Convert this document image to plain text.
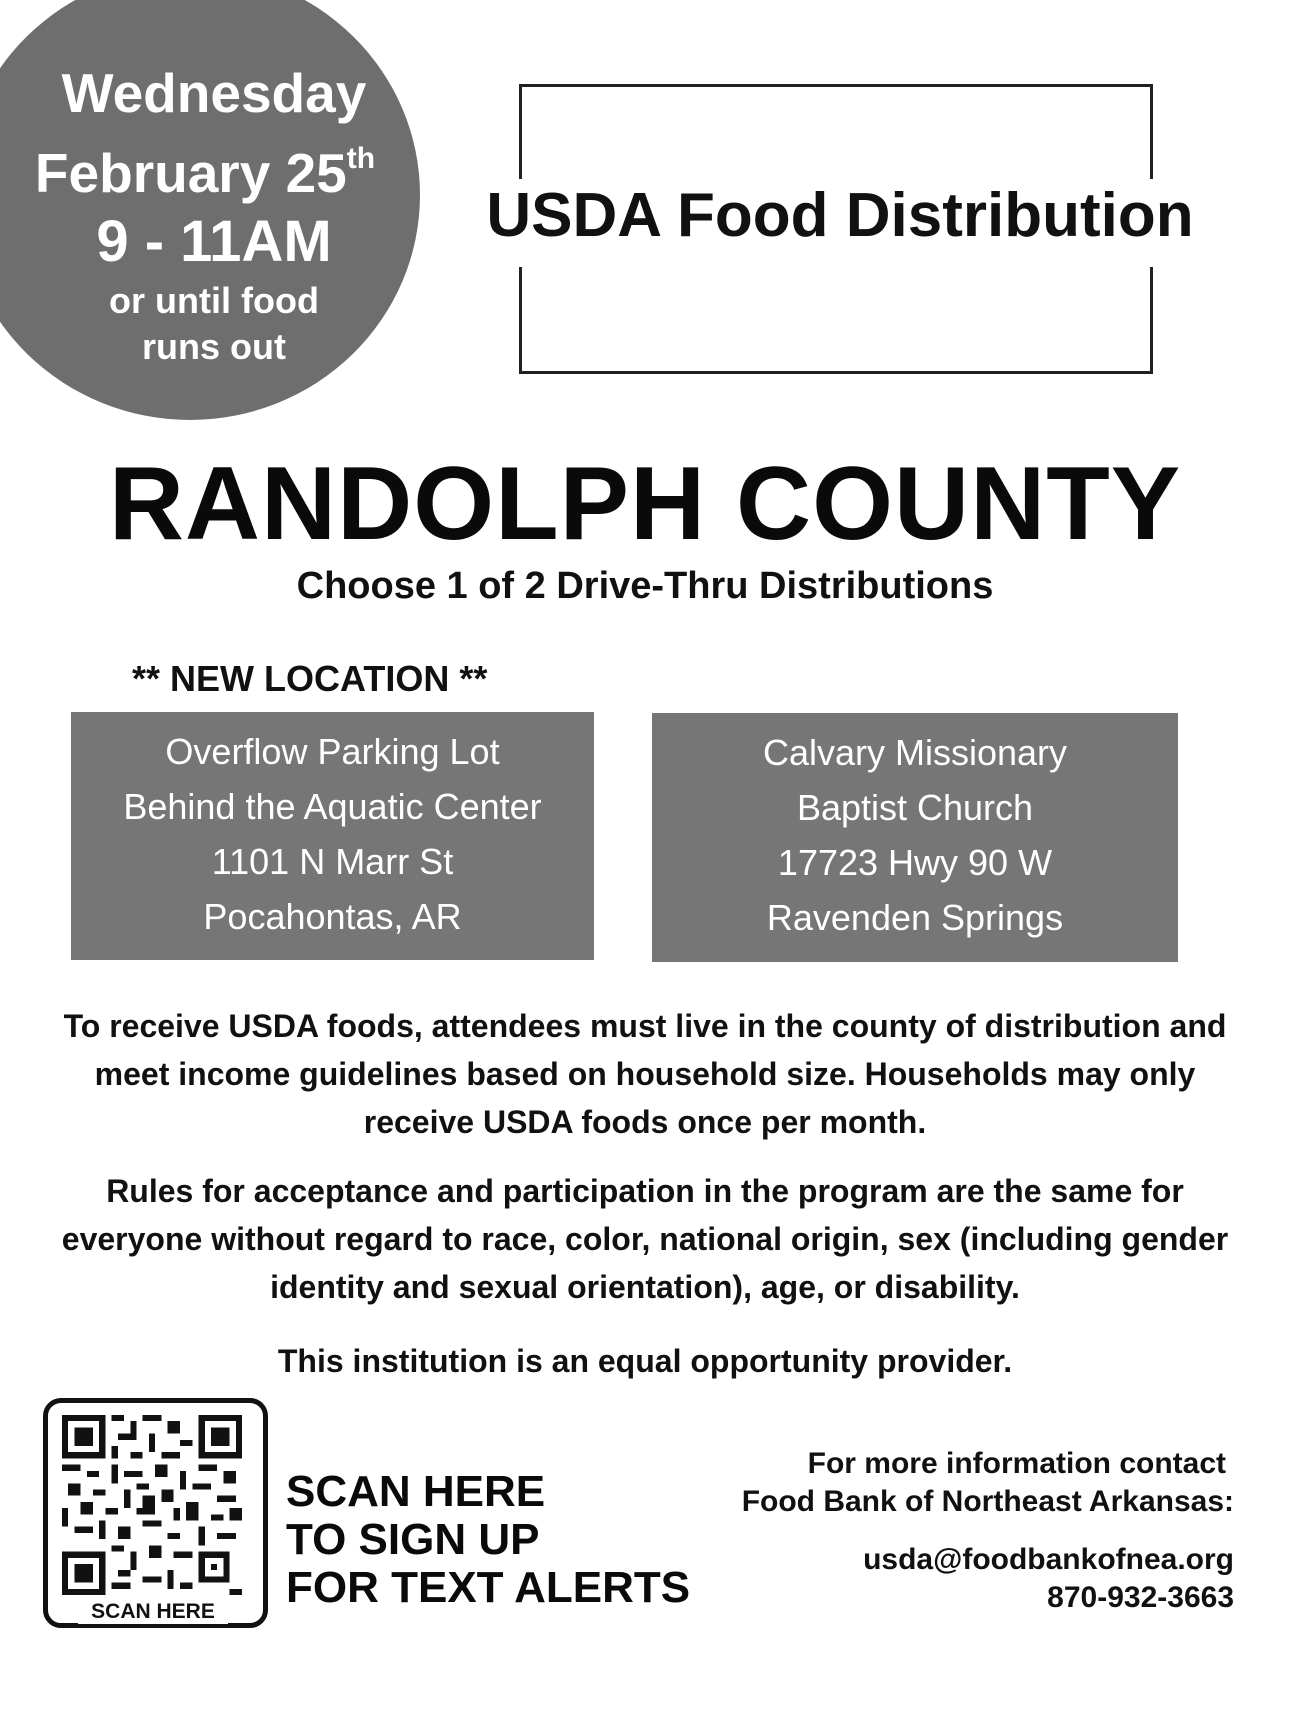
Wednesday
February 25th
9 - 11AM
or until food
runs out
USDA Food Distribution
RANDOLPH COUNTY
Choose 1 of 2 Drive-Thru Distributions
** NEW LOCATION **
Overflow Parking Lot
Behind the Aquatic Center
1101 N Marr St
Pocahontas, AR
Calvary Missionary
Baptist Church
17723 Hwy 90 W
Ravenden Springs
To receive USDA foods, attendees must live in the county of distribution and meet income guidelines based on household size. Households may only receive USDA foods once per month.
Rules for acceptance and participation in the program are the same for everyone without regard to race, color, national origin, sex (including gender identity and sexual orientation), age, or disability.
This institution is an equal opportunity provider.
SCAN HERE
SCAN HERE
TO SIGN UP
FOR TEXT ALERTS
For more information contact
Food Bank of Northeast Arkansas:
usda@foodbankofnea.org
870-932-3663
